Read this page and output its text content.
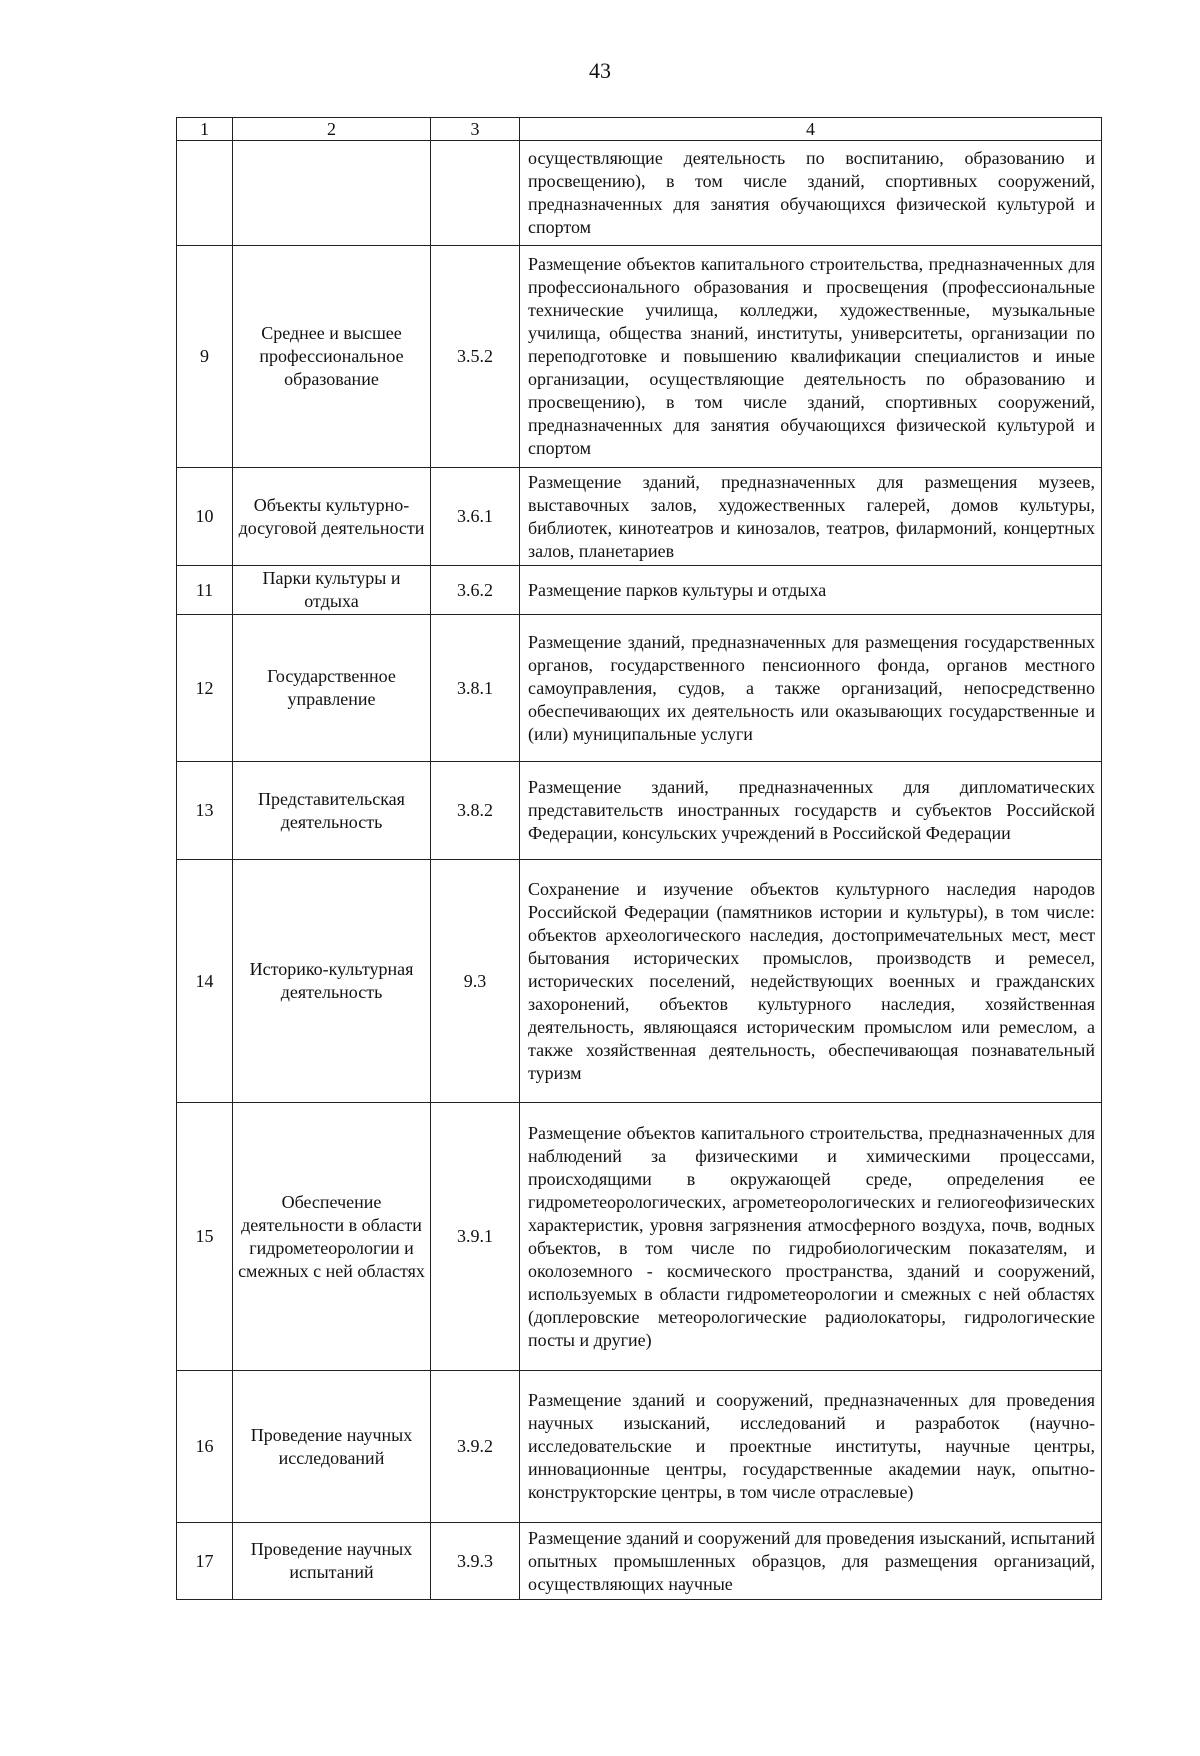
43
1	2	3	4
			осуществляющие деятельность по воспитанию, образованию и просвещению), в том числе зданий, спортивных сооружений, предназначенных для занятия обучающихся физической культурой и спортом
9	Среднее и высшее профессиональное образование	3.5.2	Размещение объектов капитального строительства, предназначенных для профессионального образования и просвещения (профессиональные технические училища, колледжи, художественные, музыкальные училища, общества знаний, институты, университеты, организации по переподготовке и повышению квалификации специалистов и иные организации, осуществляющие деятельность по образованию и просвещению), в том числе зданий, спортивных сооружений, предназначенных для занятия обучающихся физической культурой и спортом
10	Объекты культурно-досуговой деятельности	3.6.1	Размещение зданий, предназначенных для размещения музеев, выставочных залов, художественных галерей, домов культуры, библиотек, кинотеатров и кинозалов, театров, филармоний, концертных залов, планетариев
11	Парки культуры и отдыха	3.6.2	Размещение парков культуры и отдыха
12	Государственное управление	3.8.1	Размещение зданий, предназначенных для размещения государственных органов, государственного пенсионного фонда, органов местного самоуправления, судов, а также организаций, непосредственно обеспечивающих их деятельность или оказывающих государственные и (или) муниципальные услуги
13	Представительская деятельность	3.8.2	Размещение зданий, предназначенных для дипломатических представительств иностранных государств и субъектов Российской Федерации, консульских учреждений в Российской Федерации
14	Историко-культурная деятельность	9.3	Сохранение и изучение объектов культурного наследия народов Российской Федерации (памятников истории и культуры), в том числе: объектов археологического наследия, достопримечательных мест, мест бытования исторических промыслов, производств и ремесел, исторических поселений, недействующих военных и гражданских захоронений, объектов культурного наследия, хозяйственная деятельность, являющаяся историческим промыслом или ремеслом, а также хозяйственная деятельность, обеспечивающая познавательный туризм
15	Обеспечение деятельности в области гидрометеорологии и смежных с ней областях	3.9.1	Размещение объектов капитального строительства, предназначенных для наблюдений за физическими и химическими процессами, происходящими в окружающей среде, определения ее гидрометеорологических, агрометеорологических и гелиогеофизических характеристик, уровня загрязнения атмосферного воздуха, почв, водных объектов, в том числе по гидробиологическим показателям, и околоземного - космического пространства, зданий и сооружений, используемых в области гидрометеорологии и смежных с ней областях (доплеровские метеорологические радиолокаторы, гидрологические посты и другие)
16	Проведение научных исследований	3.9.2	Размещение зданий и сооружений, предназначенных для проведения научных изысканий, исследований и разработок (научно-исследовательские и проектные институты, научные центры, инновационные центры, государственные академии наук, опытно-конструкторские центры, в том числе отраслевые)
17	Проведение научных испытаний	3.9.3	Размещение зданий и сооружений для проведения изысканий, испытаний опытных промышленных образцов, для размещения организаций, осуществляющих научные
